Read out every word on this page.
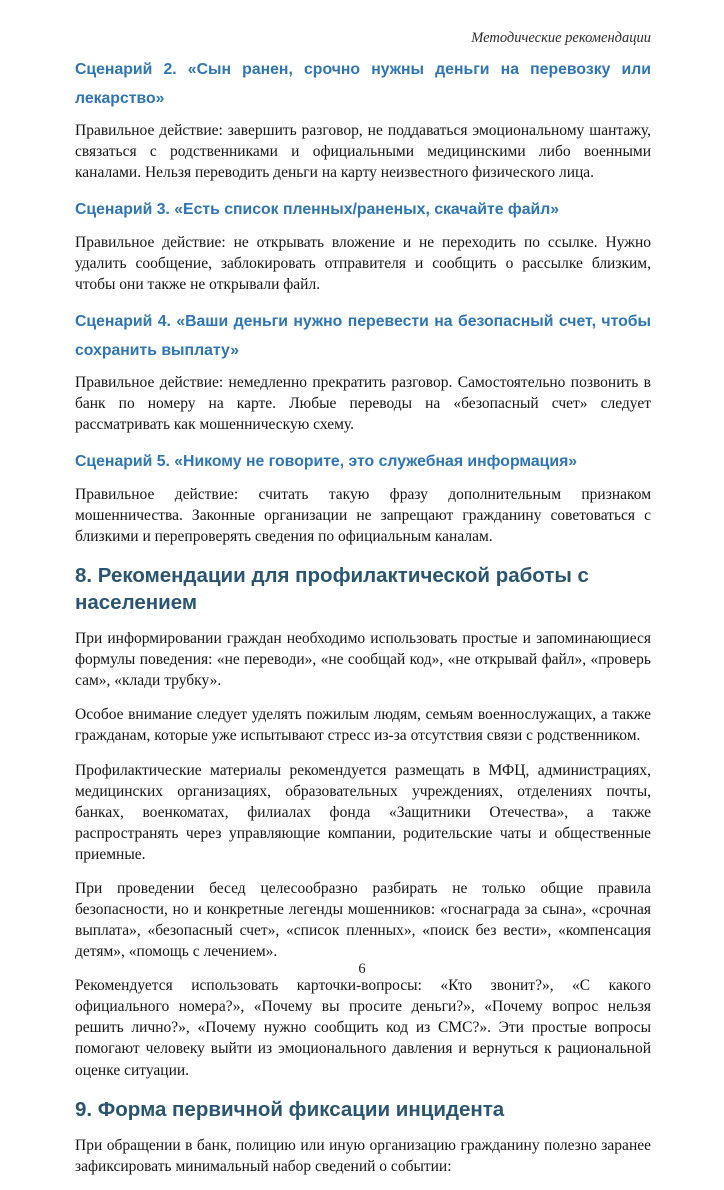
Методические рекомендации

Сценарий 2. «Сын ранен, срочно нужны деньги на перевозку или лекарство»

Правильное действие: завершить разговор, не поддаваться эмоциональному шантажу, связаться с родственниками и официальными медицинскими либо военными каналами. Нельзя переводить деньги на карту неизвестного физического лица.

Сценарий 3. «Есть список пленных/раненых, скачайте файл»

Правильное действие: не открывать вложение и не переходить по ссылке. Нужно удалить сообщение, заблокировать отправителя и сообщить о рассылке близким, чтобы они также не открывали файл.

Сценарий 4. «Ваши деньги нужно перевести на безопасный счет, чтобы сохранить выплату»

Правильное действие: немедленно прекратить разговор. Самостоятельно позвонить в банк по номеру на карте. Любые переводы на «безопасный счет» следует рассматривать как мошенническую схему.

Сценарий 5. «Никому не говорите, это служебная информация»

Правильное действие: считать такую фразу дополнительным признаком мошенничества. Законные организации не запрещают гражданину советоваться с близкими и перепроверять сведения по официальным каналам.

8. Рекомендации для профилактической работы с населением

При информировании граждан необходимо использовать простые и запоминающиеся формулы поведения: «не переводи», «не сообщай код», «не открывай файл», «проверь сам», «клади трубку».

Особое внимание следует уделять пожилым людям, семьям военнослужащих, а также гражданам, которые уже испытывают стресс из-за отсутствия связи с родственником.

Профилактические материалы рекомендуется размещать в МФЦ, администрациях, медицинских организациях, образовательных учреждениях, отделениях почты, банках, военкоматах, филиалах фонда «Защитники Отечества», а также распространять через управляющие компании, родительские чаты и общественные приемные.

При проведении бесед целесообразно разбирать не только общие правила безопасности, но и конкретные легенды мошенников: «госнаграда за сына», «срочная выплата», «безопасный счет», «список пленных», «поиск без вести», «компенсация детям», «помощь с лечением».

Рекомендуется использовать карточки-вопросы: «Кто звонит?», «С какого официального номера?», «Почему вы просите деньги?», «Почему вопрос нельзя решить лично?», «Почему нужно сообщить код из СМС?». Эти простые вопросы помогают человеку выйти из эмоционального давления и вернуться к рациональной оценке ситуации.

9. Форма первичной фиксации инцидента

При обращении в банк, полицию или иную организацию гражданину полезно заранее зафиксировать минимальный набор сведений о событии:

6
